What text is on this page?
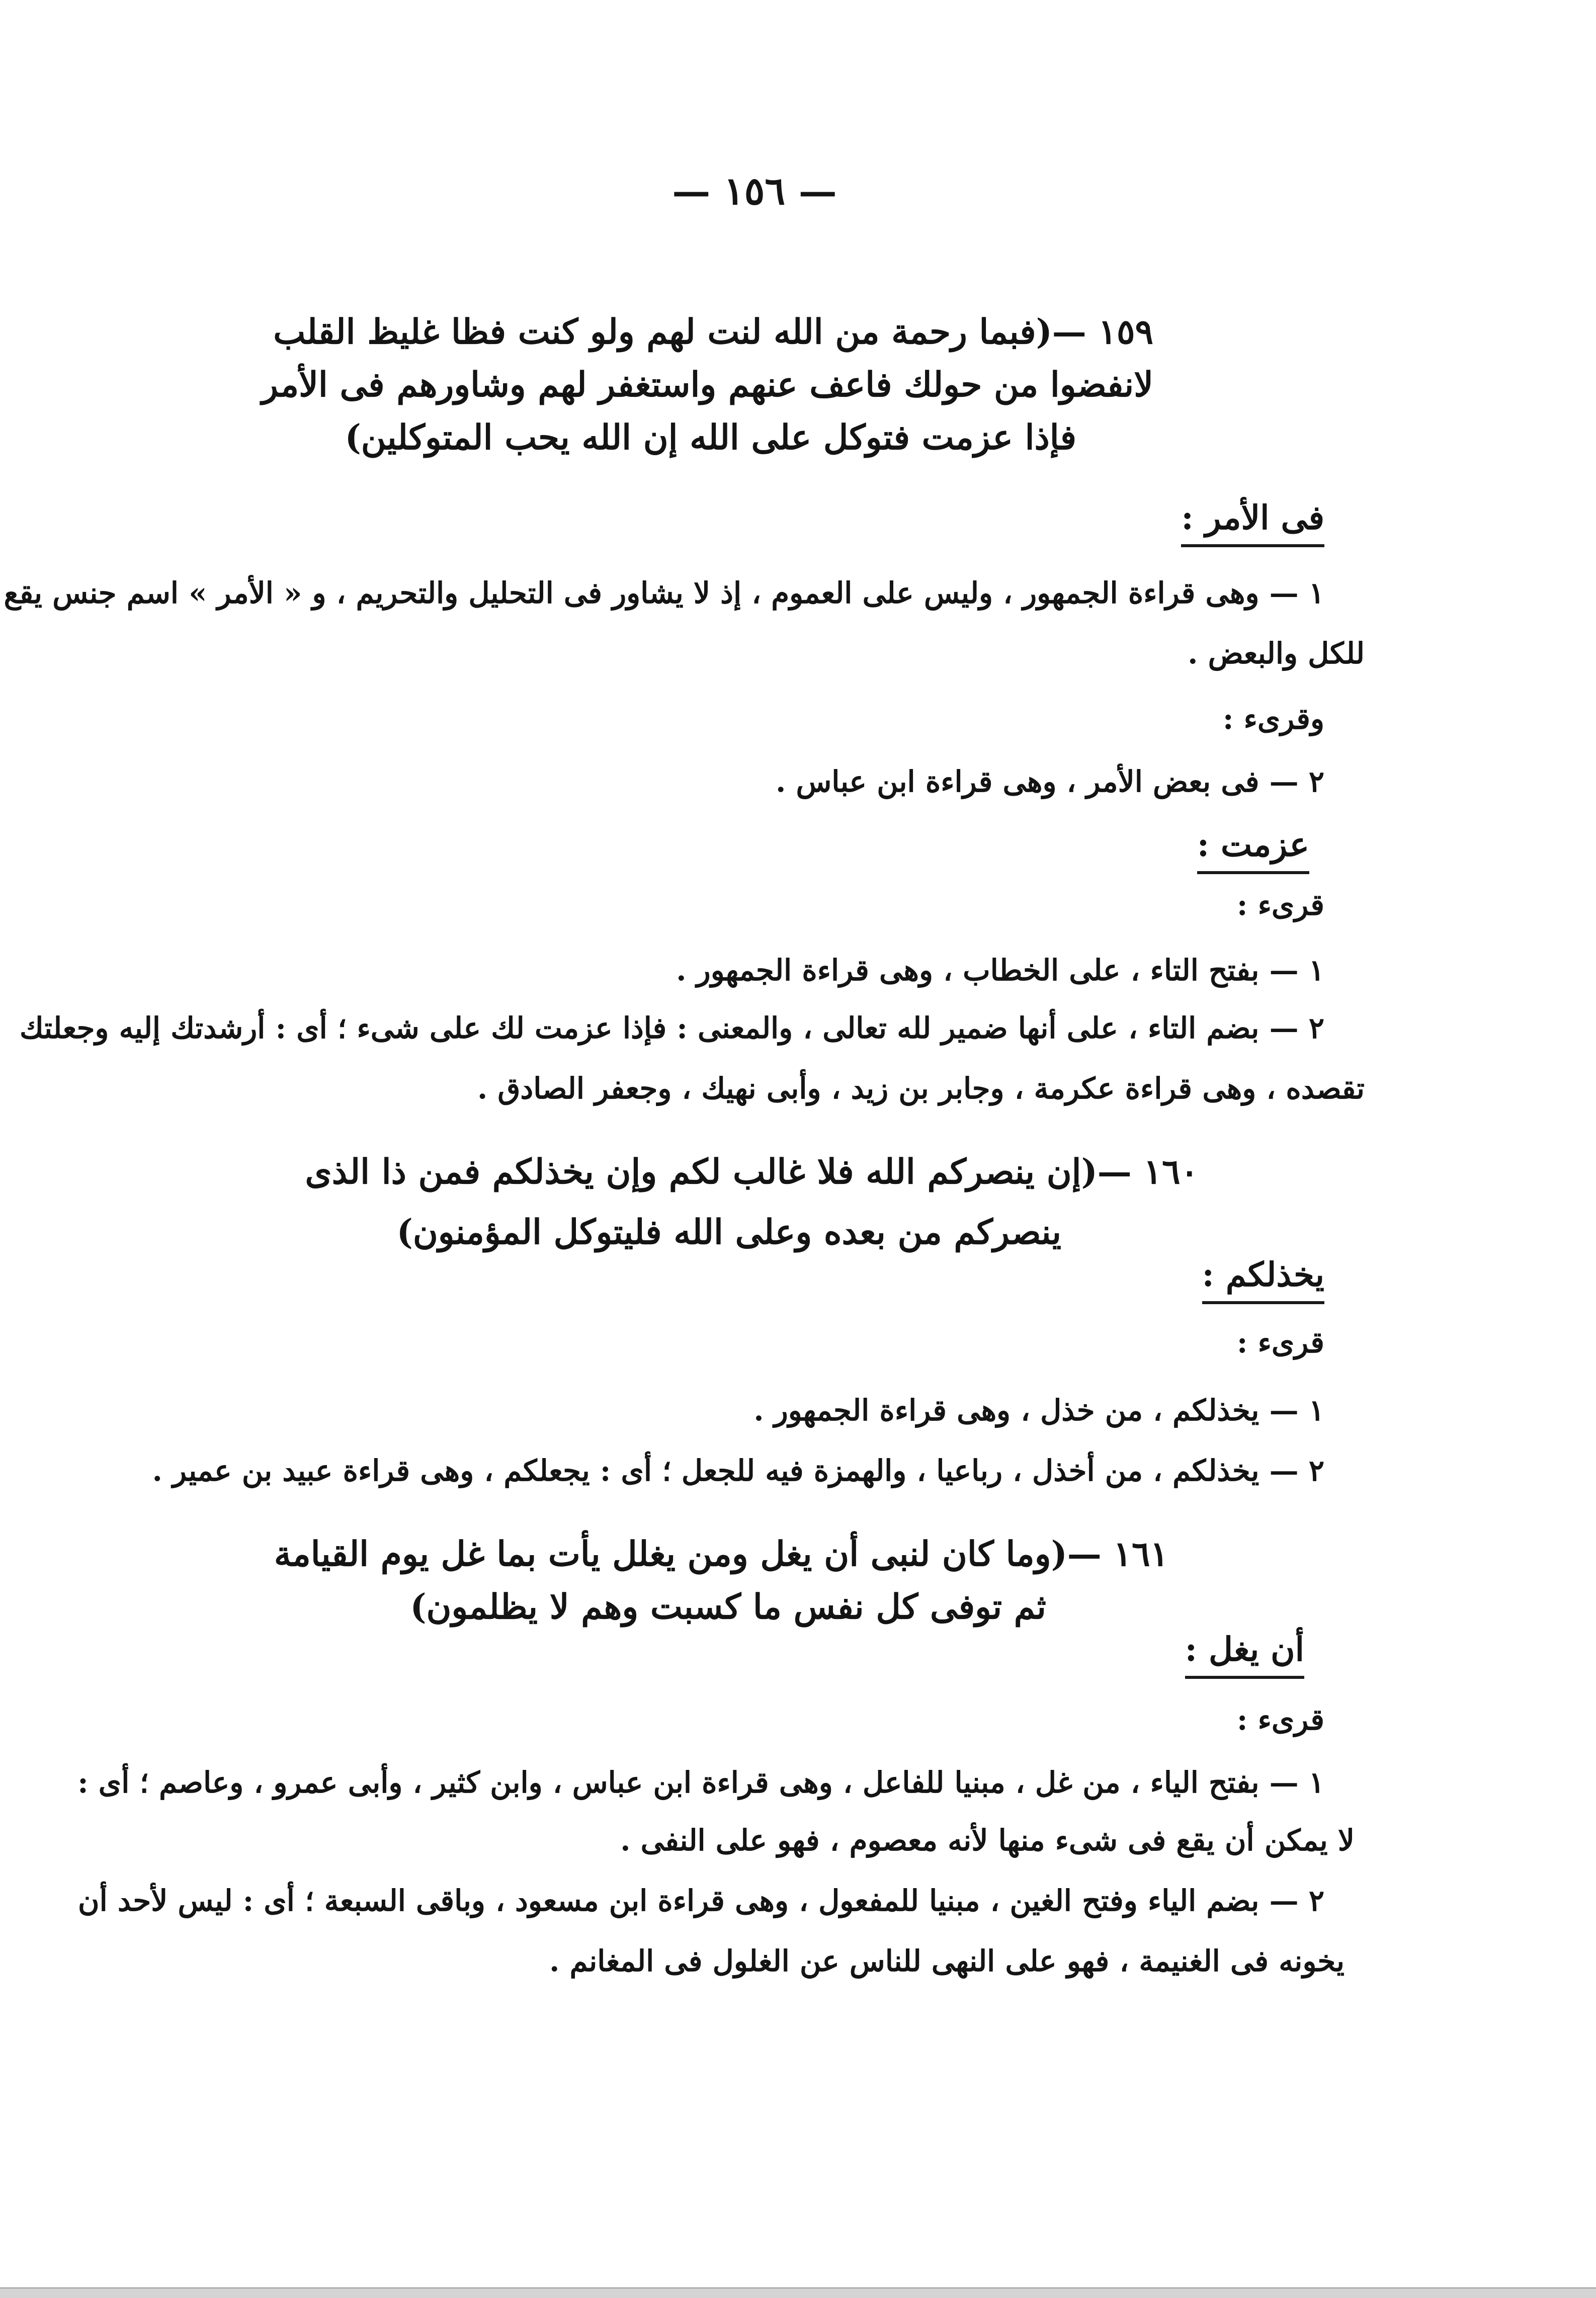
— ١٥٦ —
١٥٩ —(فبما رحمة من الله لنت لهم ولو كنت فظا غليظ القلب
لانفضوا من حولك فاعف عنهم واستغفر لهم وشاورهم فى الأمر
فإذا عزمت فتوكل على الله إن الله يحب المتوكلين)
فى الأمر :
١ — وهى قراءة الجمهور ، وليس على العموم ، إذ لا يشاور فى التحليل والتحريم ، و « الأمر » اسم جنس يقع
للكل والبعض .
وقرىء :
٢ — فى بعض الأمر ، وهى قراءة ابن عباس .
عزمت :
قرىء :
١ — بفتح التاء ، على الخطاب ، وهى قراءة الجمهور .
٢ — بضم التاء ، على أنها ضمير لله تعالى ، والمعنى : فإذا عزمت لك على شىء ؛ أى : أرشدتك إليه وجعلتك
تقصده ، وهى قراءة عكرمة ، وجابر بن زيد ، وأبى نهيك ، وجعفر الصادق .
١٦٠ —(إن ينصركم الله فلا غالب لكم وإن يخذلكم فمن ذا الذى
ينصركم من بعده وعلى الله فليتوكل المؤمنون)
يخذلكم :
قرىء :
١ — يخذلكم ، من خذل ، وهى قراءة الجمهور .
٢ — يخذلكم ، من أخذل ، رباعيا ، والهمزة فيه للجعل ؛ أى : يجعلكم ، وهى قراءة عبيد بن عمير .
١٦١ —(وما كان لنبى أن يغل ومن يغلل يأت بما غل يوم القيامة
ثم توفى كل نفس ما كسبت وهم لا يظلمون)
أن يغل :
قرىء :
١ — بفتح الياء ، من غل ، مبنيا للفاعل ، وهى قراءة ابن عباس ، وابن كثير ، وأبى عمرو ، وعاصم ؛ أى :
لا يمكن أن يقع فى شىء منها لأنه معصوم ، فهو على النفى .
٢ — بضم الياء وفتح الغين ، مبنيا للمفعول ، وهى قراءة ابن مسعود ، وباقى السبعة ؛ أى : ليس لأحد أن
يخونه فى الغنيمة ، فهو على النهى للناس عن الغلول فى المغانم .
